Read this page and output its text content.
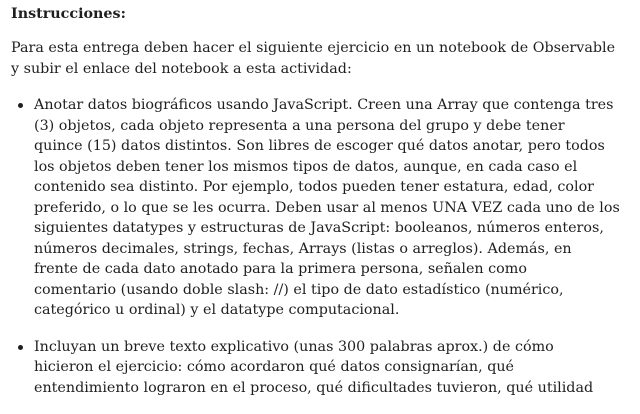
Instrucciones:
Para esta entrega deben hacer el siguiente ejercicio en un notebook de Observable
y subir el enlace del notebook a esta actividad:
Anotar datos biográficos usando JavaScript. Creen una Array que contenga tres
(3) objetos, cada objeto representa a una persona del grupo y debe tener
quince (15) datos distintos. Son libres de escoger qué datos anotar, pero todos
los objetos deben tener los mismos tipos de datos, aunque, en cada caso el
contenido sea distinto. Por ejemplo, todos pueden tener estatura, edad, color
preferido, o lo que se les ocurra. Deben usar al menos UNA VEZ cada uno de los
siguientes datatypes y estructuras de JavaScript: booleanos, números enteros,
números decimales, strings, fechas, Arrays (listas o arreglos). Además, en
frente de cada dato anotado para la primera persona, señalen como
comentario (usando doble slash: //) el tipo de dato estadístico (numérico,
categórico u ordinal) y el datatype computacional.
Incluyan un breve texto explicativo (unas 300 palabras aprox.) de cómo
hicieron el ejercicio: cómo acordaron qué datos consignarían, qué
entendimiento lograron en el proceso, qué dificultades tuvieron, qué utilidad
